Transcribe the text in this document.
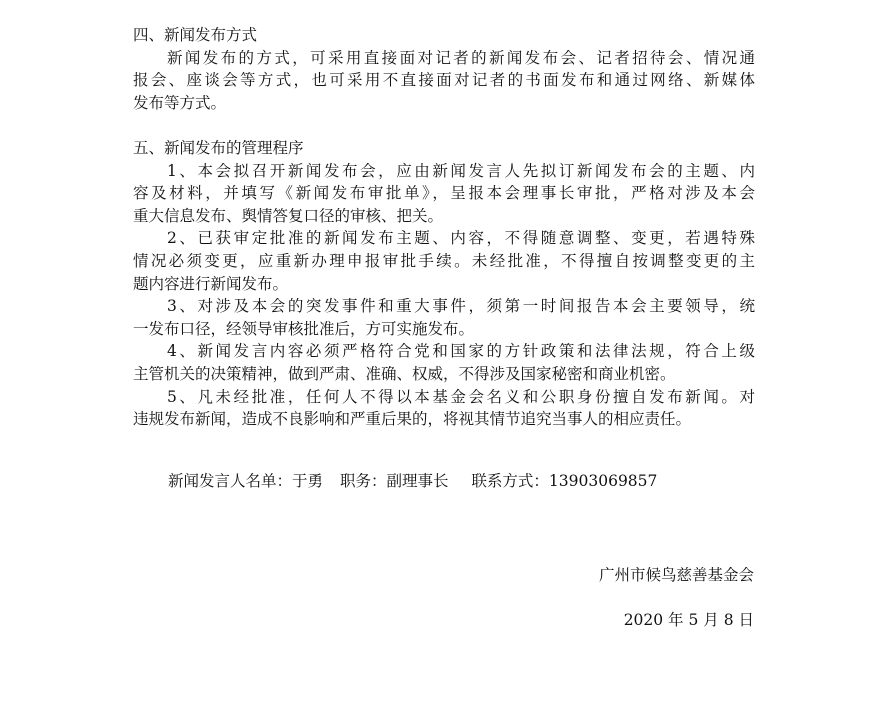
四、新闻发布方式
新闻发布的方式，可采用直接面对记者的新闻发布会、记者招待会、情况通
报会、座谈会等方式，也可采用不直接面对记者的书面发布和通过网络、新媒体
发布等方式。
五、新闻发布的管理程序
1、本会拟召开新闻发布会，应由新闻发言人先拟订新闻发布会的主题、内
容及材料，并填写《新闻发布审批单》，呈报本会理事长审批，严格对涉及本会
重大信息发布、舆情答复口径的审核、把关。
2、已获审定批准的新闻发布主题、内容，不得随意调整、变更，若遇特殊
情况必须变更，应重新办理申报审批手续。未经批准，不得擅自按调整变更的主
题内容进行新闻发布。
3、对涉及本会的突发事件和重大事件，须第一时间报告本会主要领导，统
一发布口径，经领导审核批准后，方可实施发布。
4、新闻发言内容必须严格符合党和国家的方针政策和法律法规，符合上级
主管机关的决策精神，做到严肃、准确、权威，不得涉及国家秘密和商业机密。
5、凡未经批准，任何人不得以本基金会名义和公职身份擅自发布新闻。对
违规发布新闻，造成不良影响和严重后果的，将视其情节追究当事人的相应责任。
新闻发言人名单：于勇 职务：副理事长 联系方式：13903069857
广州市候鸟慈善基金会
2020 年 5 月 8 日
